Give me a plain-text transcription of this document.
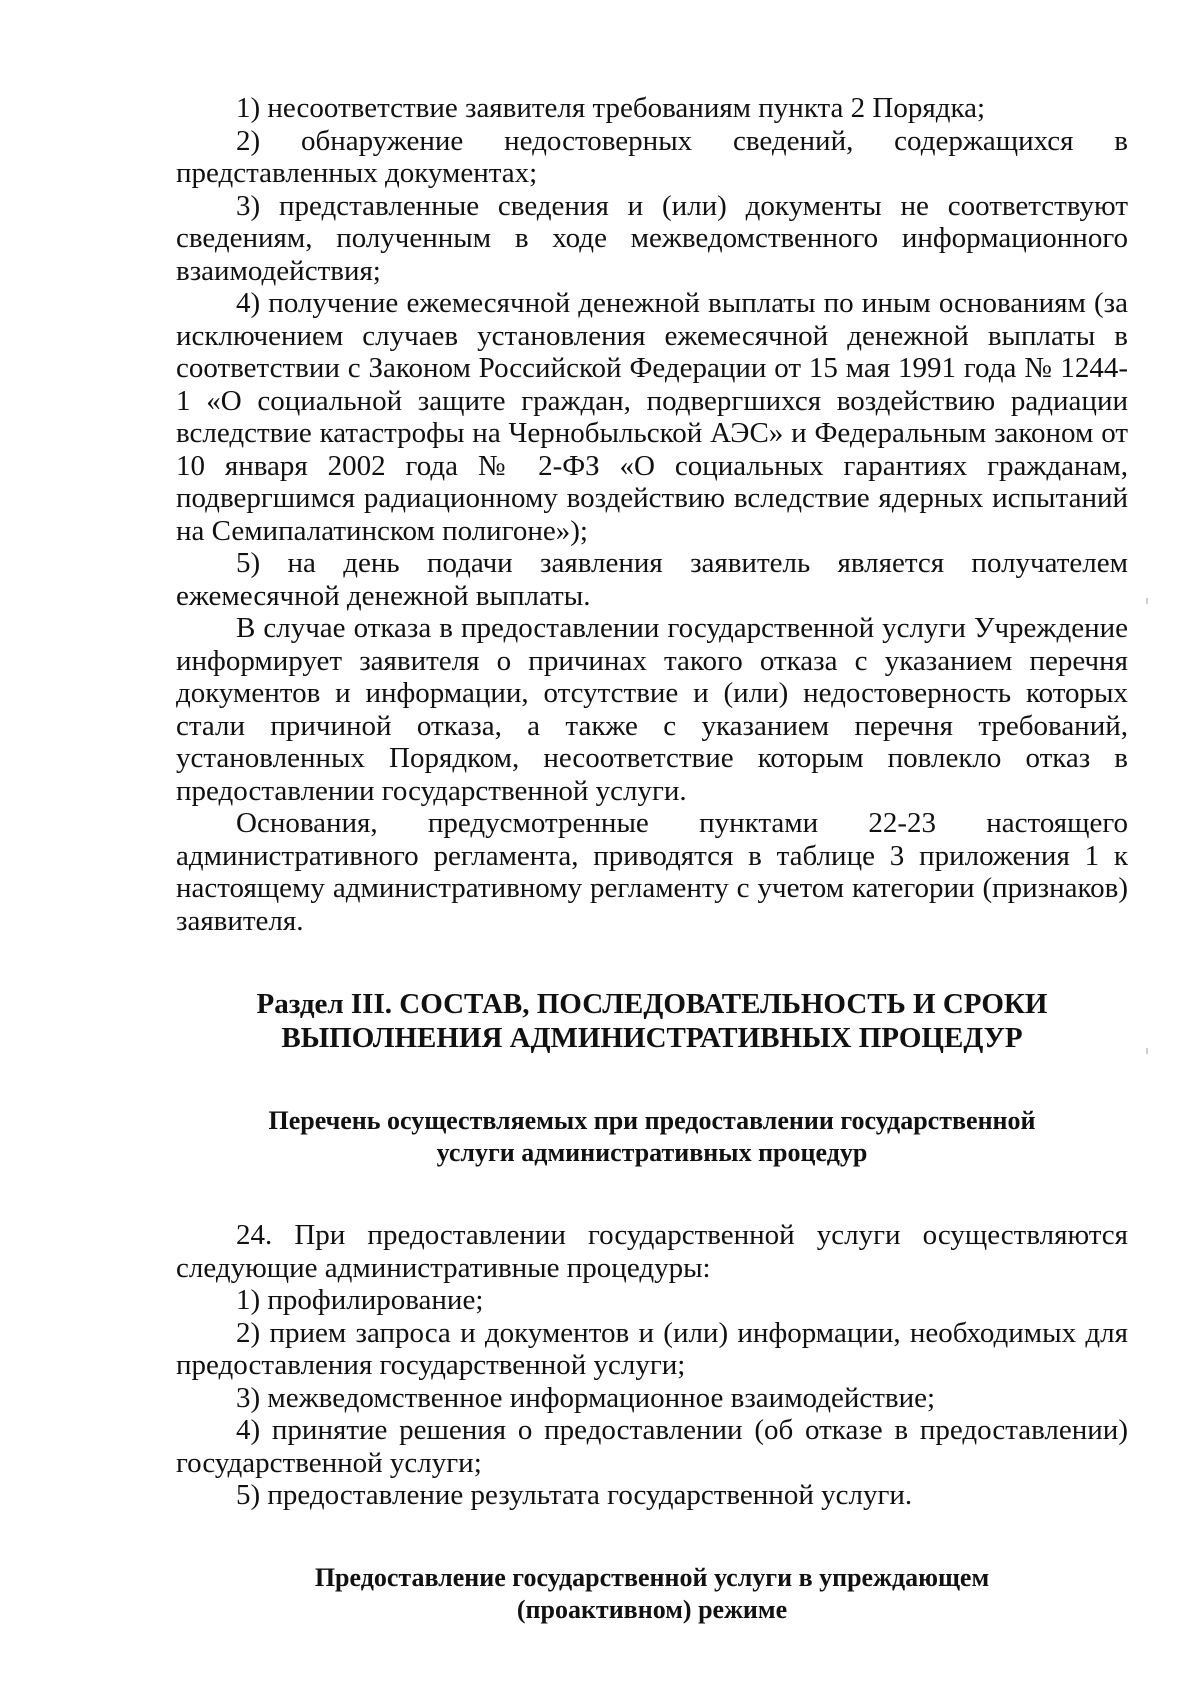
1) несоответствие заявителя требованиям пункта 2 Порядка;

2) обнаружение недостоверных сведений, содержащихся в представленных документах;

3) представленные сведения и (или) документы не соответствуют сведениям, полученным в ходе межведомственного информационного взаимодействия;

4) получение ежемесячной денежной выплаты по иным основаниям (за исключением случаев установления ежемесячной денежной выплаты в соответствии с Законом Российской Федерации от 15 мая 1991 года № 1244-1 «О социальной защите граждан, подвергшихся воздействию радиации вследствие катастрофы на Чернобыльской АЭС» и Федеральным законом от 10 января 2002 года № 2-ФЗ «О социальных гарантиях гражданам, подвергшимся радиационному воздействию вследствие ядерных испытаний на Семипалатинском полигоне»);

5) на день подачи заявления заявитель является получателем ежемесячной денежной выплаты.

В случае отказа в предоставлении государственной услуги Учреждение информирует заявителя о причинах такого отказа с указанием перечня документов и информации, отсутствие и (или) недостоверность которых стали причиной отказа, а также с указанием перечня требований, установленных Порядком, несоответствие которым повлекло отказ в предоставлении государственной услуги.

Основания, предусмотренные пунктами 22-23 настоящего административного регламента, приводятся в таблице 3 приложения 1 к настоящему административному регламенту с учетом категории (признаков) заявителя.

Раздел III. СОСТАВ, ПОСЛЕДОВАТЕЛЬНОСТЬ И СРОКИ
ВЫПОЛНЕНИЯ АДМИНИСТРАТИВНЫХ ПРОЦЕДУР
Перечень осуществляемых при предоставлении государственной
услуги административных процедур

24. При предоставлении государственной услуги осуществляются следующие административные процедуры:

1) профилирование;

2) прием запроса и документов и (или) информации, необходимых для предоставления государственной услуги;

3) межведомственное информационное взаимодействие;

4) принятие решения о предоставлении (об отказе в предоставлении) государственной услуги;

5) предоставление результата государственной услуги.

Предоставление государственной услуги в упреждающем
(проактивном) режиме
